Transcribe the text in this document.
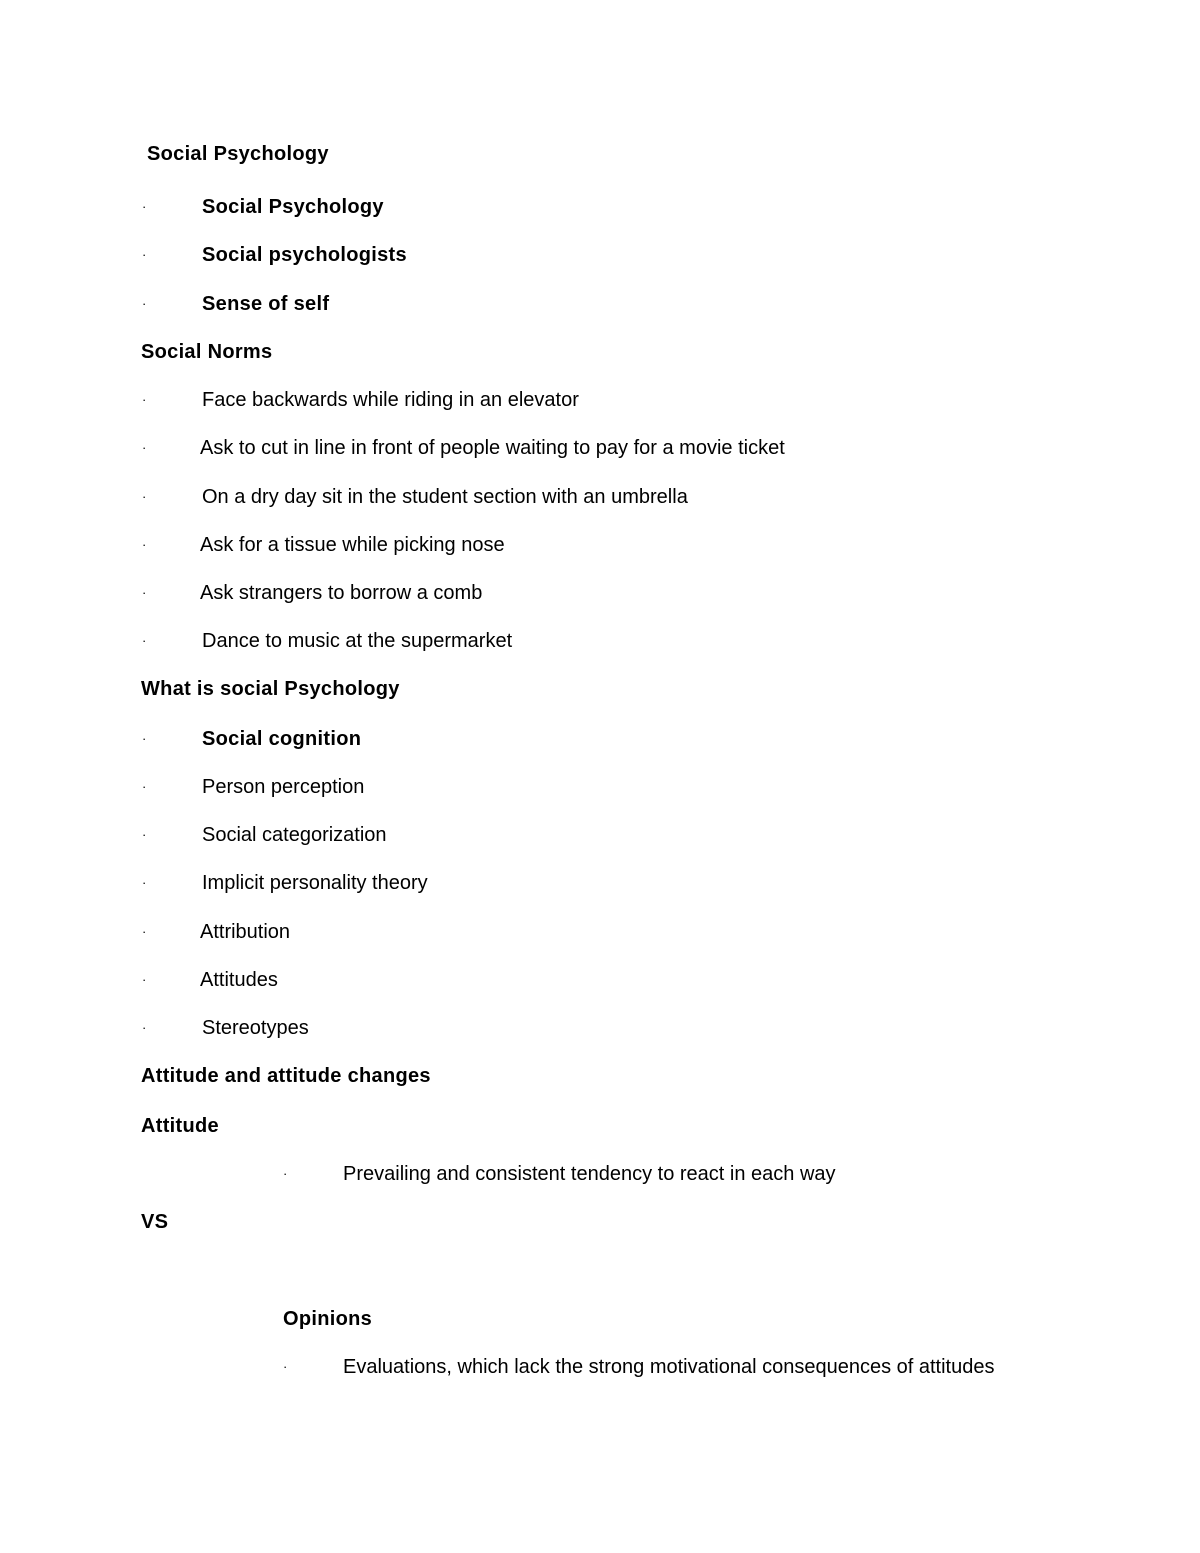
Social Psychology
·	Social Psychology
·	Social psychologists
·	Sense of self
Social Norms
·	Face backwards while riding in an elevator
·	Ask to cut in line in front of people waiting to pay for a movie ticket
·	On a dry day sit in the student section with an umbrella
·	Ask for a tissue while picking nose
·	Ask strangers to borrow a comb
·	Dance to music at the supermarket
What is social Psychology
·	Social cognition
·	Person perception
·	Social categorization
·	Implicit personality theory
·	Attribution
·	Attitudes
·	Stereotypes
Attitude and attitude changes
Attitude
·	Prevailing and consistent tendency to react in each way
VS
Opinions
·	Evaluations, which lack the strong motivational consequences of attitudes
